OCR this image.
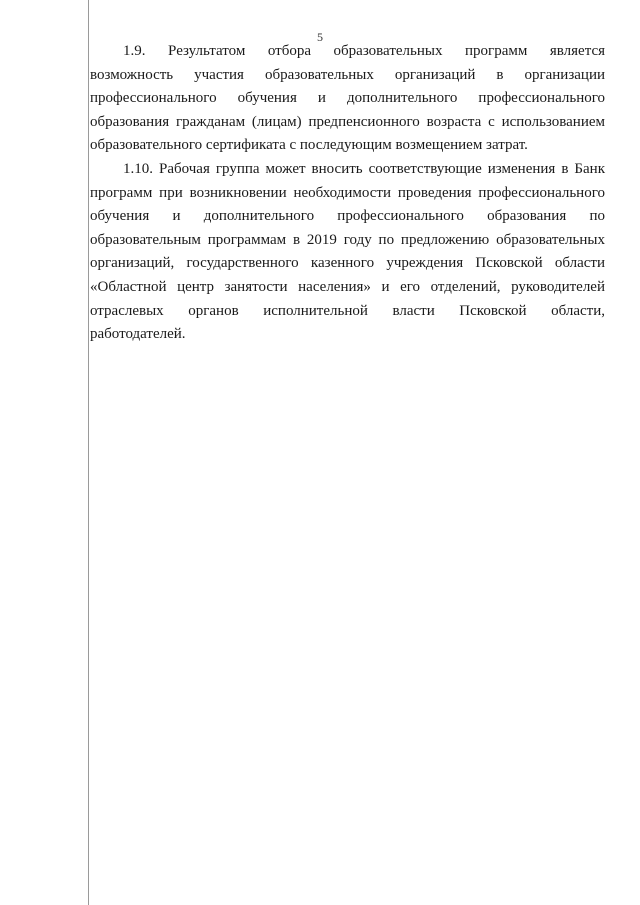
5
1.9. Результатом отбора образовательных программ является
возможность участия образовательных организаций в организации
профессионального обучения и дополнительного профессионального
образования гражданам (лицам) предпенсионного возраста с использованием
образовательного сертификата с последующим возмещением затрат.
1.10. Рабочая группа может вносить соответствующие изменения в Банк
программ при возникновении необходимости проведения профессионального
обучения и дополнительного профессионального образования по
образовательным программам в 2019 году по предложению образовательных
организаций, государственного казенного учреждения Псковской области
«Областной центр занятости населения» и его отделений, руководителей
отраслевых органов исполнительной власти Псковской области,
работодателей.
